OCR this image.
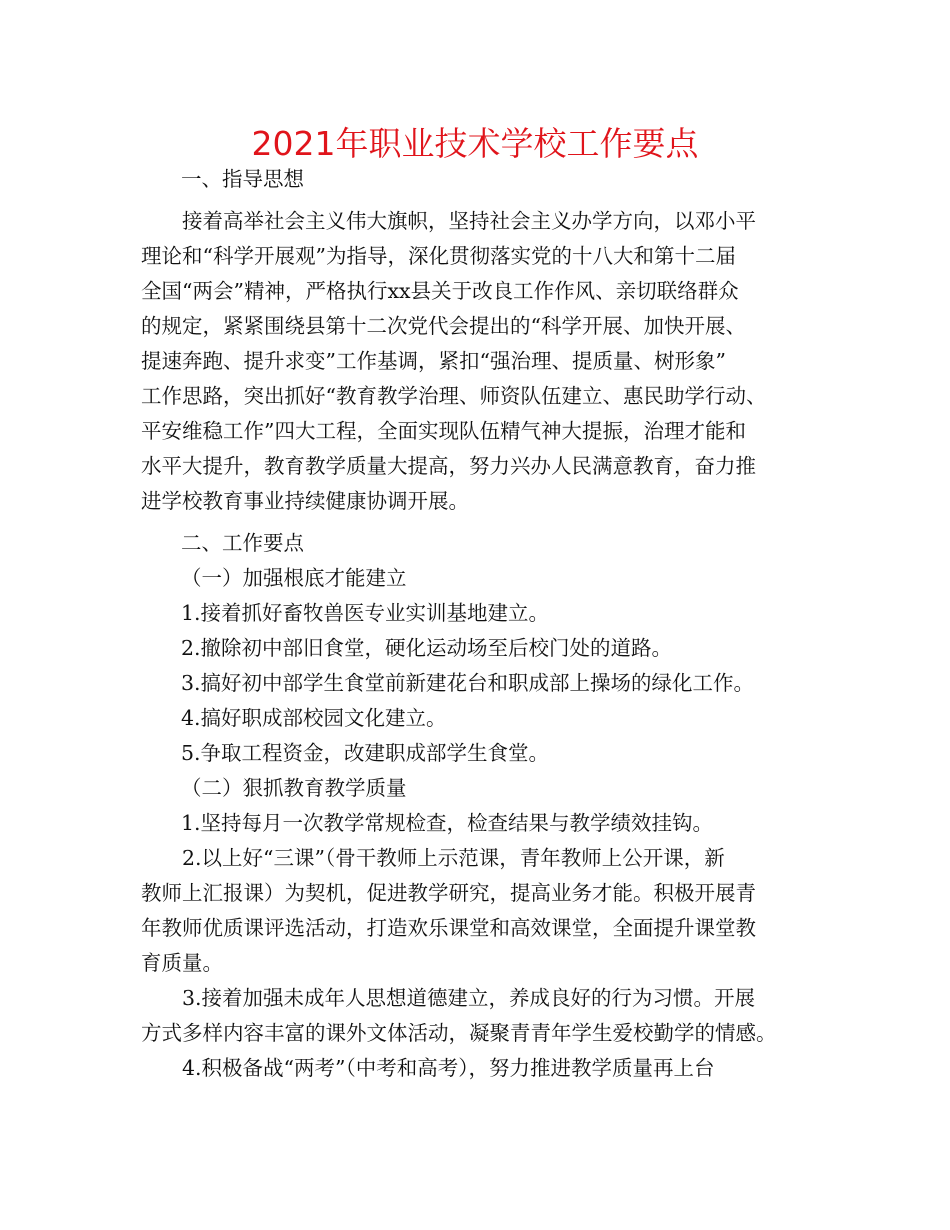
2021年职业技术学校工作要点
一、指导思想
接着高举社会主义伟大旗帜，坚持社会主义办学方向，以邓小平
理论和“科学开展观”为指导，深化贯彻落实党的十八大和第十二届
全国“两会”精神，严格执行xx县关于改良工作作风、亲切联络群众
的规定，紧紧围绕县第十二次党代会提出的“科学开展、加快开展、
提速奔跑、提升求变”工作基调，紧扣“强治理、提质量、树形象”
工作思路，突出抓好“教育教学治理、师资队伍建立、惠民助学行动、
平安维稳工作”四大工程，全面实现队伍精气神大提振，治理才能和
水平大提升，教育教学质量大提高，努力兴办人民满意教育，奋力推
进学校教育事业持续健康协调开展。
二、工作要点
（一）加强根底才能建立
1.接着抓好畜牧兽医专业实训基地建立。
2.撤除初中部旧食堂，硬化运动场至后校门处的道路。
3.搞好初中部学生食堂前新建花台和职成部上操场的绿化工作。
4.搞好职成部校园文化建立。
5.争取工程资金，改建职成部学生食堂。
（二）狠抓教育教学质量
1.坚持每月一次教学常规检查，检查结果与教学绩效挂钩。
2.以上好“三课”（骨干教师上示范课，青年教师上公开课，新
教师上汇报课）为契机，促进教学研究，提高业务才能。积极开展青
年教师优质课评选活动，打造欢乐课堂和高效课堂，全面提升课堂教
育质量。
3.接着加强未成年人思想道德建立，养成良好的行为习惯。开展
方式多样内容丰富的课外文体活动，凝聚青青年学生爱校勤学的情感。
4.积极备战“两考”（中考和高考），努力推进教学质量再上台
